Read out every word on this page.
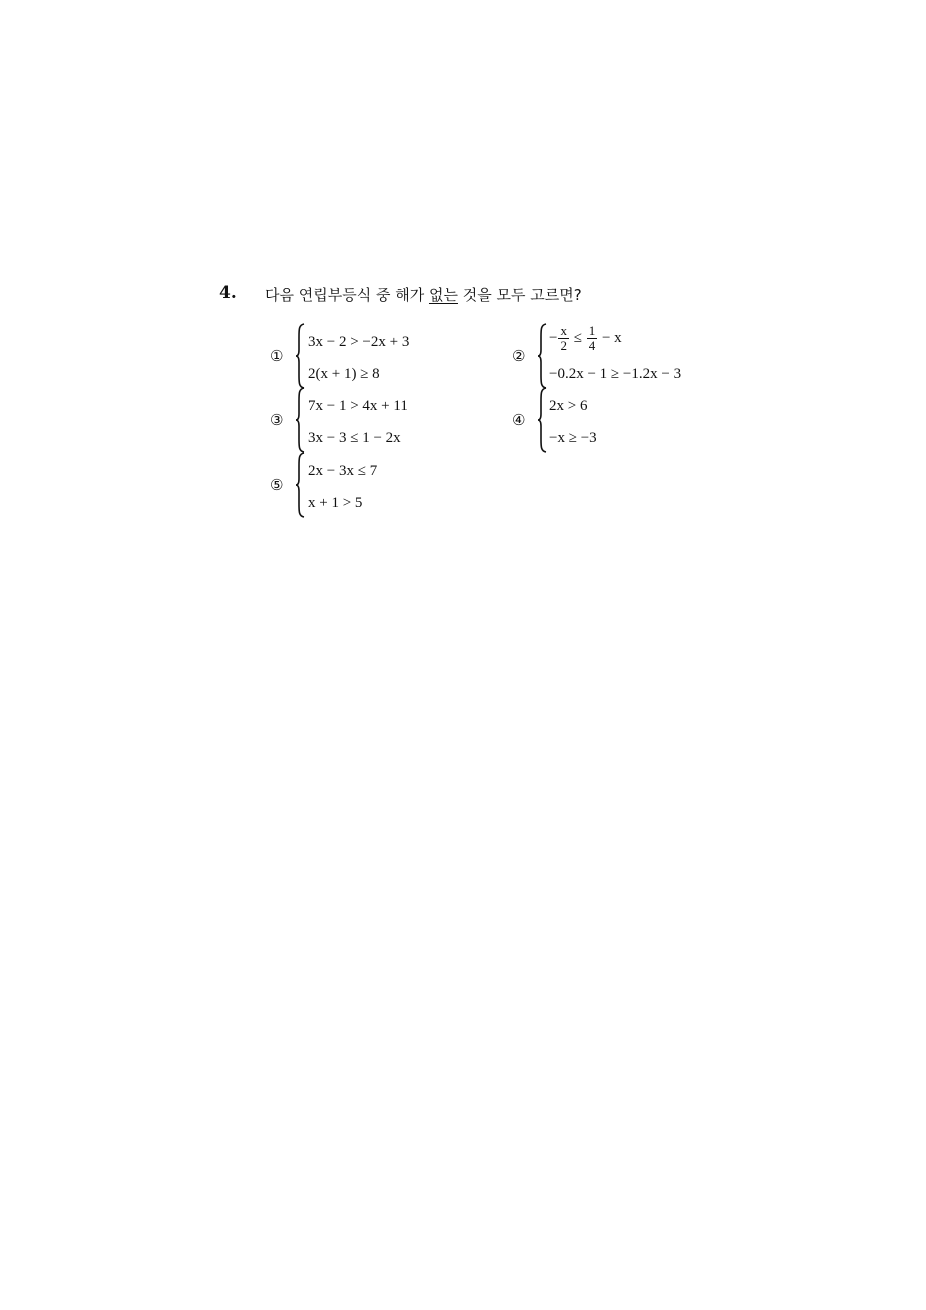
4. 다음 연립부등식 중 해가 없는 것을 모두 고르면?
①
3x − 2 > −2x + 3
2(x + 1) ≥ 8
②
− $\frac{x}{2} \le \frac{1}{4} - x$
−0.2x − 1 ≥ −1.2x − 3
③
7x − 1 > 4x + 11
3x − 3 ≤ 1 − 2x
④
2x > 6
−x ≥ −3
⑤
2x − 3x ≤ 7
x + 1 > 5
